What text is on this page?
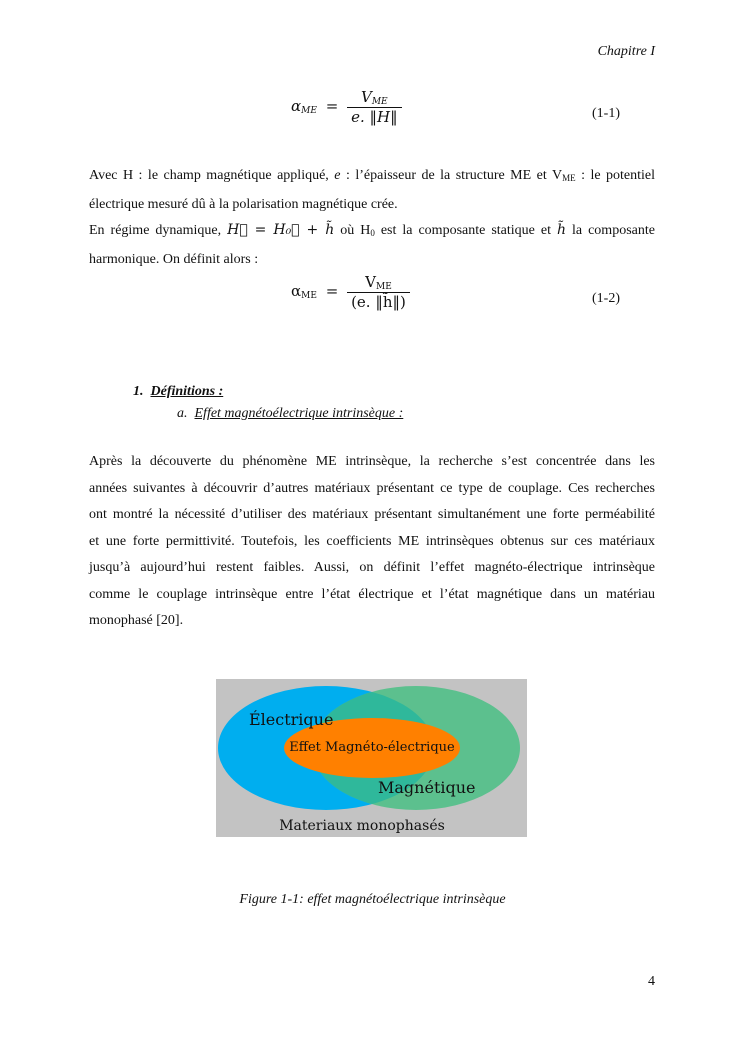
Chapitre I
$\alpha_{ME} = \frac{V_{ME}}{e. ‖H‖}$	(1-1)
Avec H : le champ magnétique appliqué, e : l’épaisseur de la structure ME et $V_{ME}$ : le potentiel
électrique mesuré dû à la polarisation magnétique crée.
En régime dynamique, H⃗ = H₀⃗ + h̃ où $H_0$ est la composante statique et h̃ la composante
harmonique. On définit alors :
$\alpha_{ME} = \frac{V_{ME}}{(e. ‖h̃‖)}$	(1-2)
1. Définitions :
a. Effet magnétoélectrique intrinsèque :
Après la découverte du phénomène ME intrinsèque, la recherche s’est concentrée dans les
années suivantes à découvrir d’autres matériaux présentant ce type de couplage. Ces recherches
ont montré la nécessité d’utiliser des matériaux présentant simultanément une forte perméabilité
et une forte permittivité. Toutefois, les coefficients ME intrinsèques obtenus sur ces matériaux
jusqu’à aujourd’hui restent faibles. Aussi, on définit l’effet magnéto-électrique intrinsèque
comme le couplage intrinsèque entre l’état électrique et l’état magnétique dans un matériau
monophasé [20].
Électrique
Effet Magnéto-électrique
Magnétique
Materiaux monophasés
Figure 1-1: effet magnétoélectrique intrinsèque
4
